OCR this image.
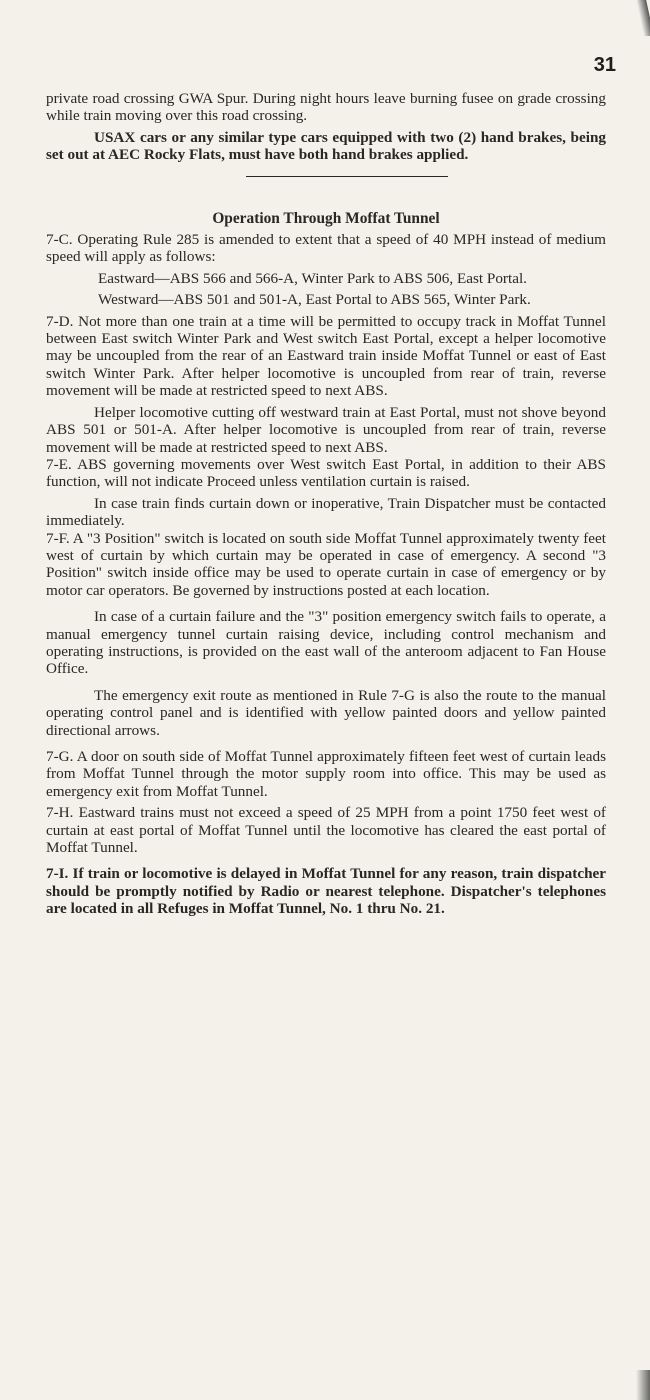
31

private road crossing GWA Spur. During night hours leave burning fusee on grade crossing while train moving over this road crossing.

USAX cars or any similar type cars equipped with two (2) hand brakes, being set out at AEC Rocky Flats, must have both hand brakes applied.

Operation Through Moffat Tunnel

7-C. Operating Rule 285 is amended to extent that a speed of 40 MPH instead of medium speed will apply as follows:

Eastward—ABS 566 and 566-A, Winter Park to ABS 506, East Portal.

Westward—ABS 501 and 501-A, East Portal to ABS 565, Winter Park.

7-D. Not more than one train at a time will be permitted to occupy track in Moffat Tunnel between East switch Winter Park and West switch East Portal, except a helper locomotive may be uncoupled from the rear of an Eastward train inside Moffat Tunnel or east of East switch Winter Park. After helper locomotive is uncoupled from rear of train, reverse movement will be made at restricted speed to next ABS.

Helper locomotive cutting off westward train at East Portal, must not shove beyond ABS 501 or 501-A. After helper locomotive is uncoupled from rear of train, reverse movement will be made at restricted speed to next ABS.

7-E. ABS governing movements over West switch East Portal, in addition to their ABS function, will not indicate Proceed unless ventilation curtain is raised.

In case train finds curtain down or inoperative, Train Dispatcher must be contacted immediately.

7-F. A "3 Position" switch is located on south side Moffat Tunnel approximately twenty feet west of curtain by which curtain may be operated in case of emergency. A second "3 Position" switch inside office may be used to operate curtain in case of emergency or by motor car operators. Be governed by instructions posted at each location.

In case of a curtain failure and the "3" position emergency switch fails to operate, a manual emergency tunnel curtain raising device, including control mechanism and operating instructions, is provided on the east wall of the anteroom adjacent to Fan House Office.

The emergency exit route as mentioned in Rule 7-G is also the route to the manual operating control panel and is identified with yellow painted doors and yellow painted directional arrows.

7-G. A door on south side of Moffat Tunnel approximately fifteen feet west of curtain leads from Moffat Tunnel through the motor supply room into office. This may be used as emergency exit from Moffat Tunnel.

7-H. Eastward trains must not exceed a speed of 25 MPH from a point 1750 feet west of curtain at east portal of Moffat Tunnel until the locomotive has cleared the east portal of Moffat Tunnel.

7-I. If train or locomotive is delayed in Moffat Tunnel for any reason, train dispatcher should be promptly notified by Radio or nearest telephone. Dispatcher's telephones are located in all Refuges in Moffat Tunnel, No. 1 thru No. 21.
